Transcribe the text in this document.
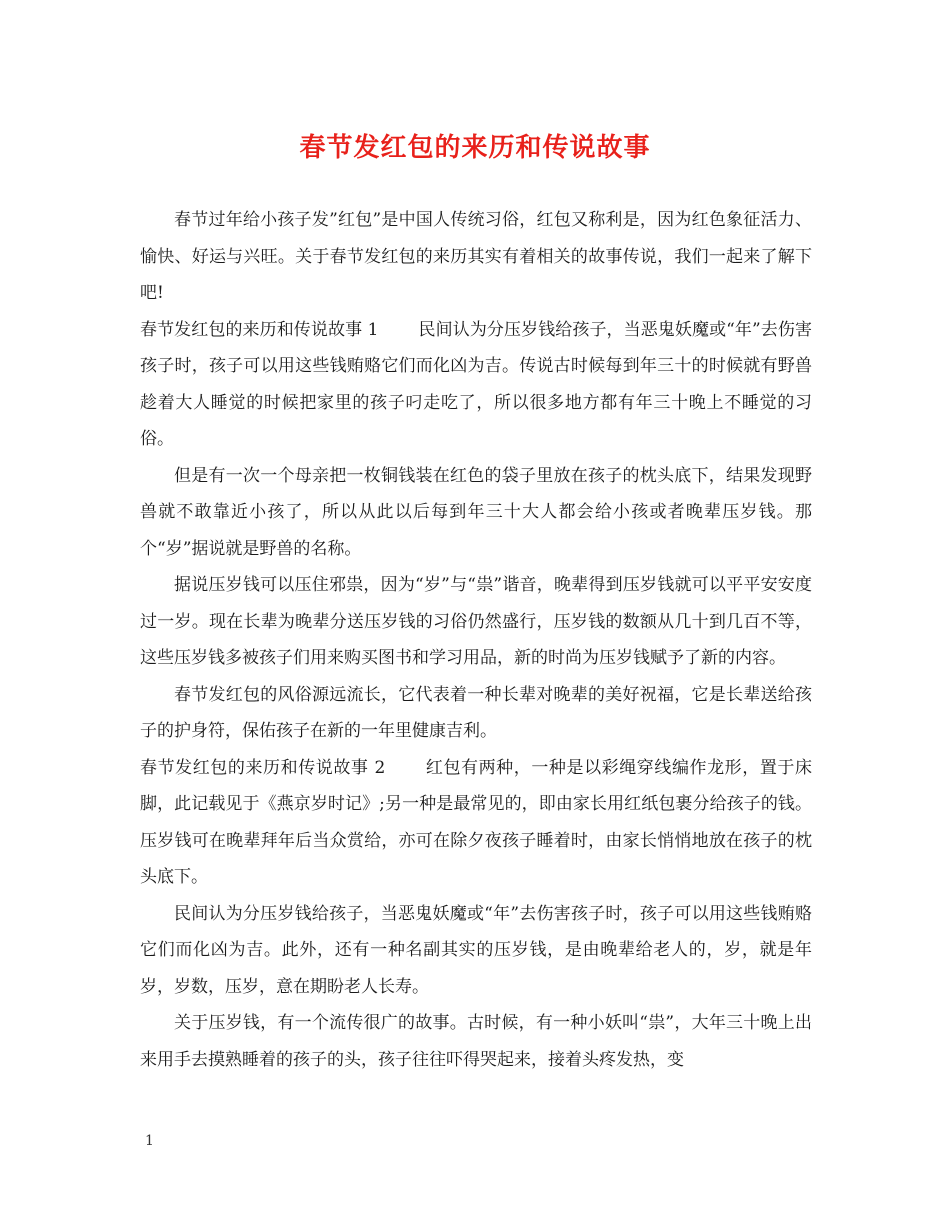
春节发红包的来历和传说故事

春节过年给小孩子发”红包”是中国人传统习俗，红包又称利是，因为红色象征活力、愉快、好运与兴旺。关于春节发红包的来历其实有着相关的故事传说，我们一起来了解下吧!

春节发红包的来历和传说故事 1 民间认为分压岁钱给孩子，当恶鬼妖魔或“年”去伤害孩子时，孩子可以用这些钱贿赂它们而化凶为吉。传说古时候每到年三十的时候就有野兽趁着大人睡觉的时候把家里的孩子叼走吃了，所以很多地方都有年三十晚上不睡觉的习俗。

但是有一次一个母亲把一枚铜钱装在红色的袋子里放在孩子的枕头底下，结果发现野兽就不敢靠近小孩了，所以从此以后每到年三十大人都会给小孩或者晚辈压岁钱。那个“岁”据说就是野兽的名称。

据说压岁钱可以压住邪祟，因为“岁”与“祟”谐音，晚辈得到压岁钱就可以平平安安度过一岁。现在长辈为晚辈分送压岁钱的习俗仍然盛行，压岁钱的数额从几十到几百不等，这些压岁钱多被孩子们用来购买图书和学习用品，新的时尚为压岁钱赋予了新的内容。

春节发红包的风俗源远流长，它代表着一种长辈对晚辈的美好祝福，它是长辈送给孩子的护身符，保佑孩子在新的一年里健康吉利。

春节发红包的来历和传说故事 2 红包有两种，一种是以彩绳穿线编作龙形，置于床脚，此记载见于《燕京岁时记》;另一种是最常见的，即由家长用红纸包裹分给孩子的钱。压岁钱可在晚辈拜年后当众赏给，亦可在除夕夜孩子睡着时，由家长悄悄地放在孩子的枕头底下。

民间认为分压岁钱给孩子，当恶鬼妖魔或“年”去伤害孩子时，孩子可以用这些钱贿赂它们而化凶为吉。此外，还有一种名副其实的压岁钱，是由晚辈给老人的，岁，就是年岁，岁数，压岁，意在期盼老人长寿。

关于压岁钱，有一个流传很广的故事。古时候，有一种小妖叫“祟”，大年三十晚上出来用手去摸熟睡着的孩子的头，孩子往往吓得哭起来，接着头疼发热，变

1
